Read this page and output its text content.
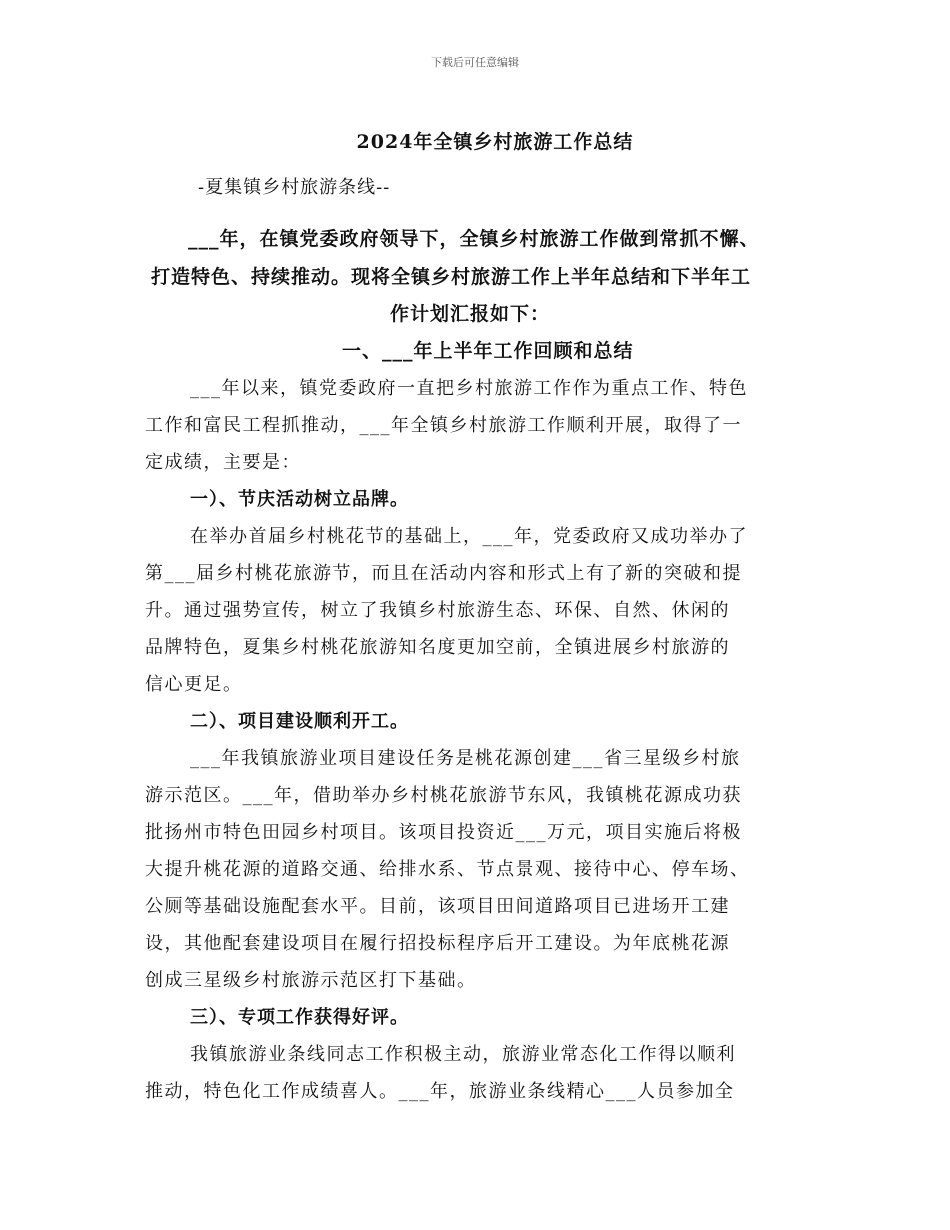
下载后可任意编辑
2024年全镇乡村旅游工作总结
-夏集镇乡村旅游条线--
___年，在镇党委政府领导下，全镇乡村旅游工作做到常抓不懈、
打造特色、持续推动。现将全镇乡村旅游工作上半年总结和下半年工
作计划汇报如下：
一、___年上半年工作回顾和总结
___年以来，镇党委政府一直把乡村旅游工作作为重点工作、特色
工作和富民工程抓推动，___年全镇乡村旅游工作顺利开展，取得了一
定成绩，主要是：
一）、节庆活动树立品牌。
在举办首届乡村桃花节的基础上，___年，党委政府又成功举办了
第___届乡村桃花旅游节，而且在活动内容和形式上有了新的突破和提
升。通过强势宣传，树立了我镇乡村旅游生态、环保、自然、休闲的
品牌特色，夏集乡村桃花旅游知名度更加空前，全镇进展乡村旅游的
信心更足。
二）、项目建设顺利开工。
___年我镇旅游业项目建设任务是桃花源创建___省三星级乡村旅
游示范区。___年，借助举办乡村桃花旅游节东风，我镇桃花源成功获
批扬州市特色田园乡村项目。该项目投资近___万元，项目实施后将极
大提升桃花源的道路交通、给排水系、节点景观、接待中心、停车场、
公厕等基础设施配套水平。目前，该项目田间道路项目已进场开工建
设，其他配套建设项目在履行招投标程序后开工建设。为年底桃花源
创成三星级乡村旅游示范区打下基础。
三）、专项工作获得好评。
我镇旅游业条线同志工作积极主动，旅游业常态化工作得以顺利
推动，特色化工作成绩喜人。___年，旅游业条线精心___人员参加全
